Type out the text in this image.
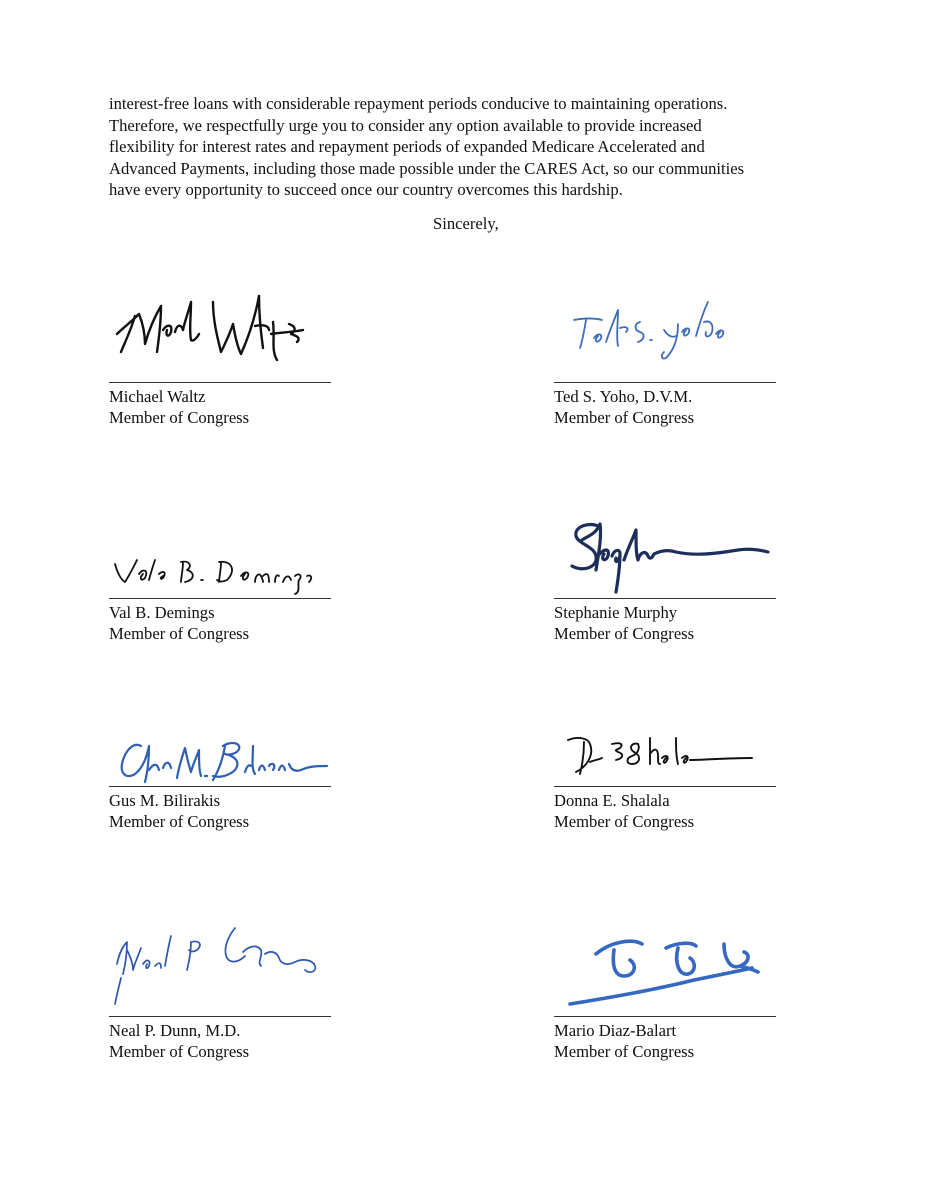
interest-free loans with considerable repayment periods conducive to maintaining operations.
Therefore, we respectfully urge you to consider any option available to provide increased
flexibility for interest rates and repayment periods of expanded Medicare Accelerated and
Advanced Payments, including those made possible under the CARES Act, so our communities
have every opportunity to succeed once our country overcomes this hardship.
Sincerely,
Michael Waltz
Member of Congress
Ted S. Yoho, D.V.M.
Member of Congress
Val B. Demings
Member of Congress
Stephanie Murphy
Member of Congress
Gus M. Bilirakis
Member of Congress
Donna E. Shalala
Member of Congress
Neal P. Dunn, M.D.
Member of Congress
Mario Diaz-Balart
Member of Congress
